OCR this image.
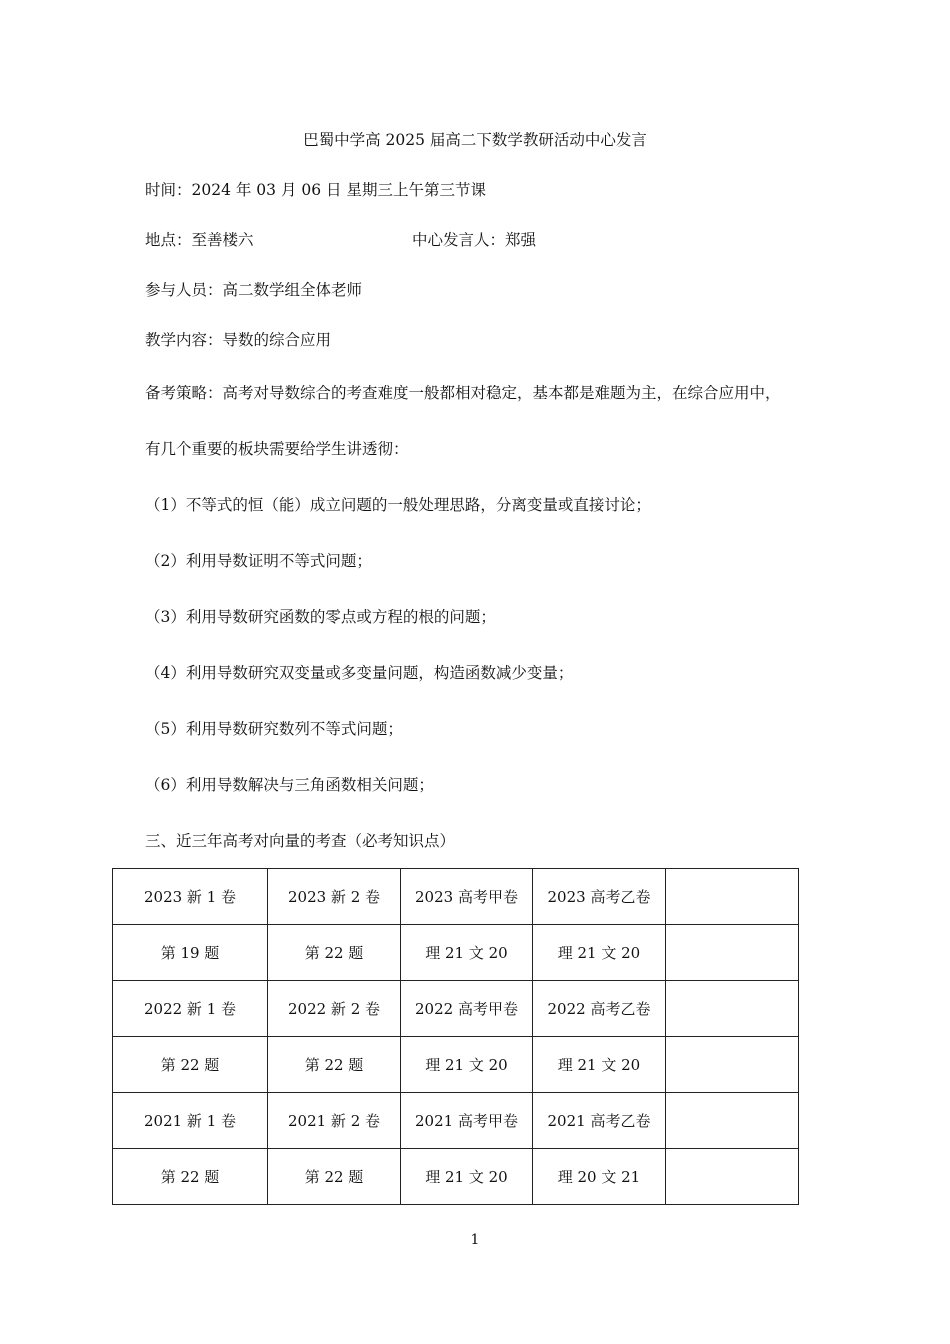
巴蜀中学高 2025 届高二下数学教研活动中心发言
时间：2024 年 03 月 06 日 星期三上午第三节课
地点：至善楼六	中心发言人：郑强
参与人员：高二数学组全体老师
教学内容：导数的综合应用
备考策略：高考对导数综合的考查难度一般都相对稳定，基本都是难题为主，在综合应用中，
有几个重要的板块需要给学生讲透彻：
（1）不等式的恒（能）成立问题的一般处理思路，分离变量或直接讨论；
（2）利用导数证明不等式问题；
（3）利用导数研究函数的零点或方程的根的问题；
（4）利用导数研究双变量或多变量问题，构造函数减少变量；
（5）利用导数研究数列不等式问题；
（6）利用导数解决与三角函数相关问题；
三、近三年高考对向量的考查（必考知识点）
2023 新 1 卷	2023 新 2 卷	2023 高考甲卷	2023 高考乙卷	
第 19 题	第 22 题	理 21 文 20	理 21 文 20	
2022 新 1 卷	2022 新 2 卷	2022 高考甲卷	2022 高考乙卷	
第 22 题	第 22 题	理 21 文 20	理 21 文 20	
2021 新 1 卷	2021 新 2 卷	2021 高考甲卷	2021 高考乙卷	
第 22 题	第 22 题	理 21 文 20	理 20 文 21	
1
